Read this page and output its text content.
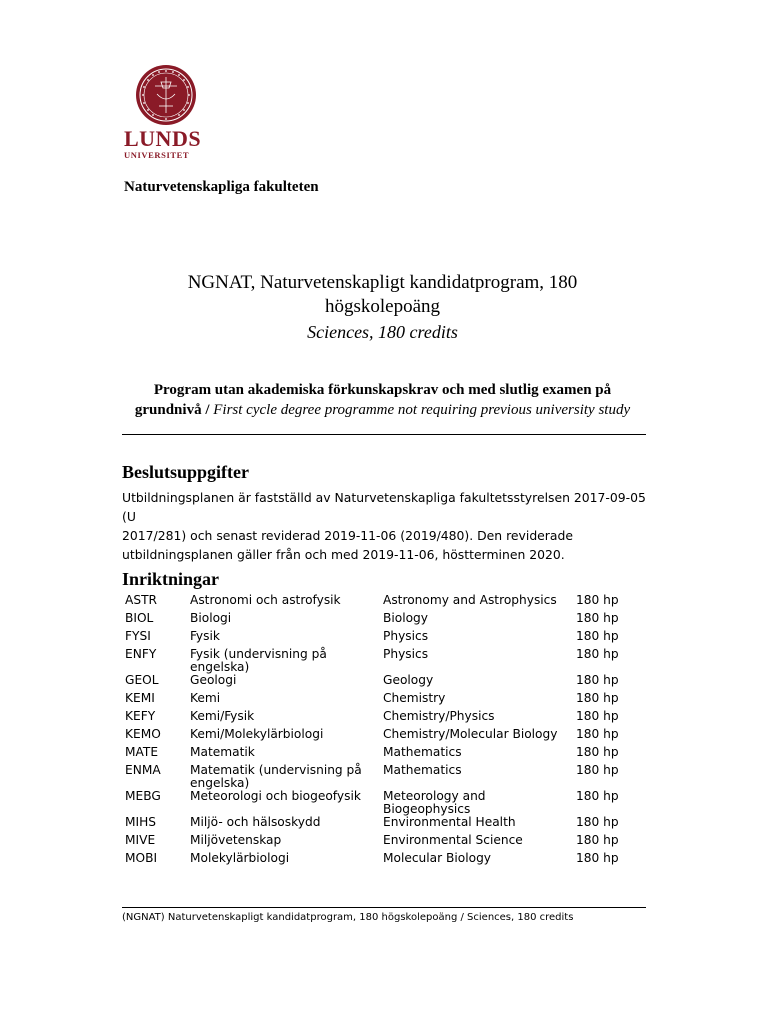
LUNDS
UNIVERSITET
Naturvetenskapliga fakulteten
NGNAT, Naturvetenskapligt kandidatprogram, 180
högskolepoäng
Sciences, 180 credits
Program utan akademiska förkunskapskrav och med slutlig examen på
grundnivå / First cycle degree programme not requiring previous university study
Beslutsuppgifter
Utbildningsplanen är fastställd av Naturvetenskapliga fakultetsstyrelsen 2017-09-05 (U
2017/281) och senast reviderad 2019-11-06 (2019/480). Den reviderade
utbildningsplanen gäller från och med 2019-11-06, höstterminen 2020.
Inriktningar
ASTR	Astronomi och astrofysik	Astronomy and Astrophysics	180 hp
BIOL	Biologi	Biology	180 hp
FYSI	Fysik	Physics	180 hp
ENFY	Fysik (undervisning på engelska)	Physics	180 hp
GEOL	Geologi	Geology	180 hp
KEMI	Kemi	Chemistry	180 hp
KEFY	Kemi/Fysik	Chemistry/Physics	180 hp
KEMO	Kemi/Molekylärbiologi	Chemistry/Molecular Biology	180 hp
MATE	Matematik	Mathematics	180 hp
ENMA	Matematik (undervisning på engelska)	Mathematics	180 hp
MEBG	Meteorologi och biogeofysik	Meteorology and Biogeophysics	180 hp
MIHS	Miljö- och hälsoskydd	Environmental Health	180 hp
MIVE	Miljövetenskap	Environmental Science	180 hp
MOBI	Molekylärbiologi	Molecular Biology	180 hp
(NGNAT) Naturvetenskapligt kandidatprogram, 180 högskolepoäng / Sciences, 180 credits
